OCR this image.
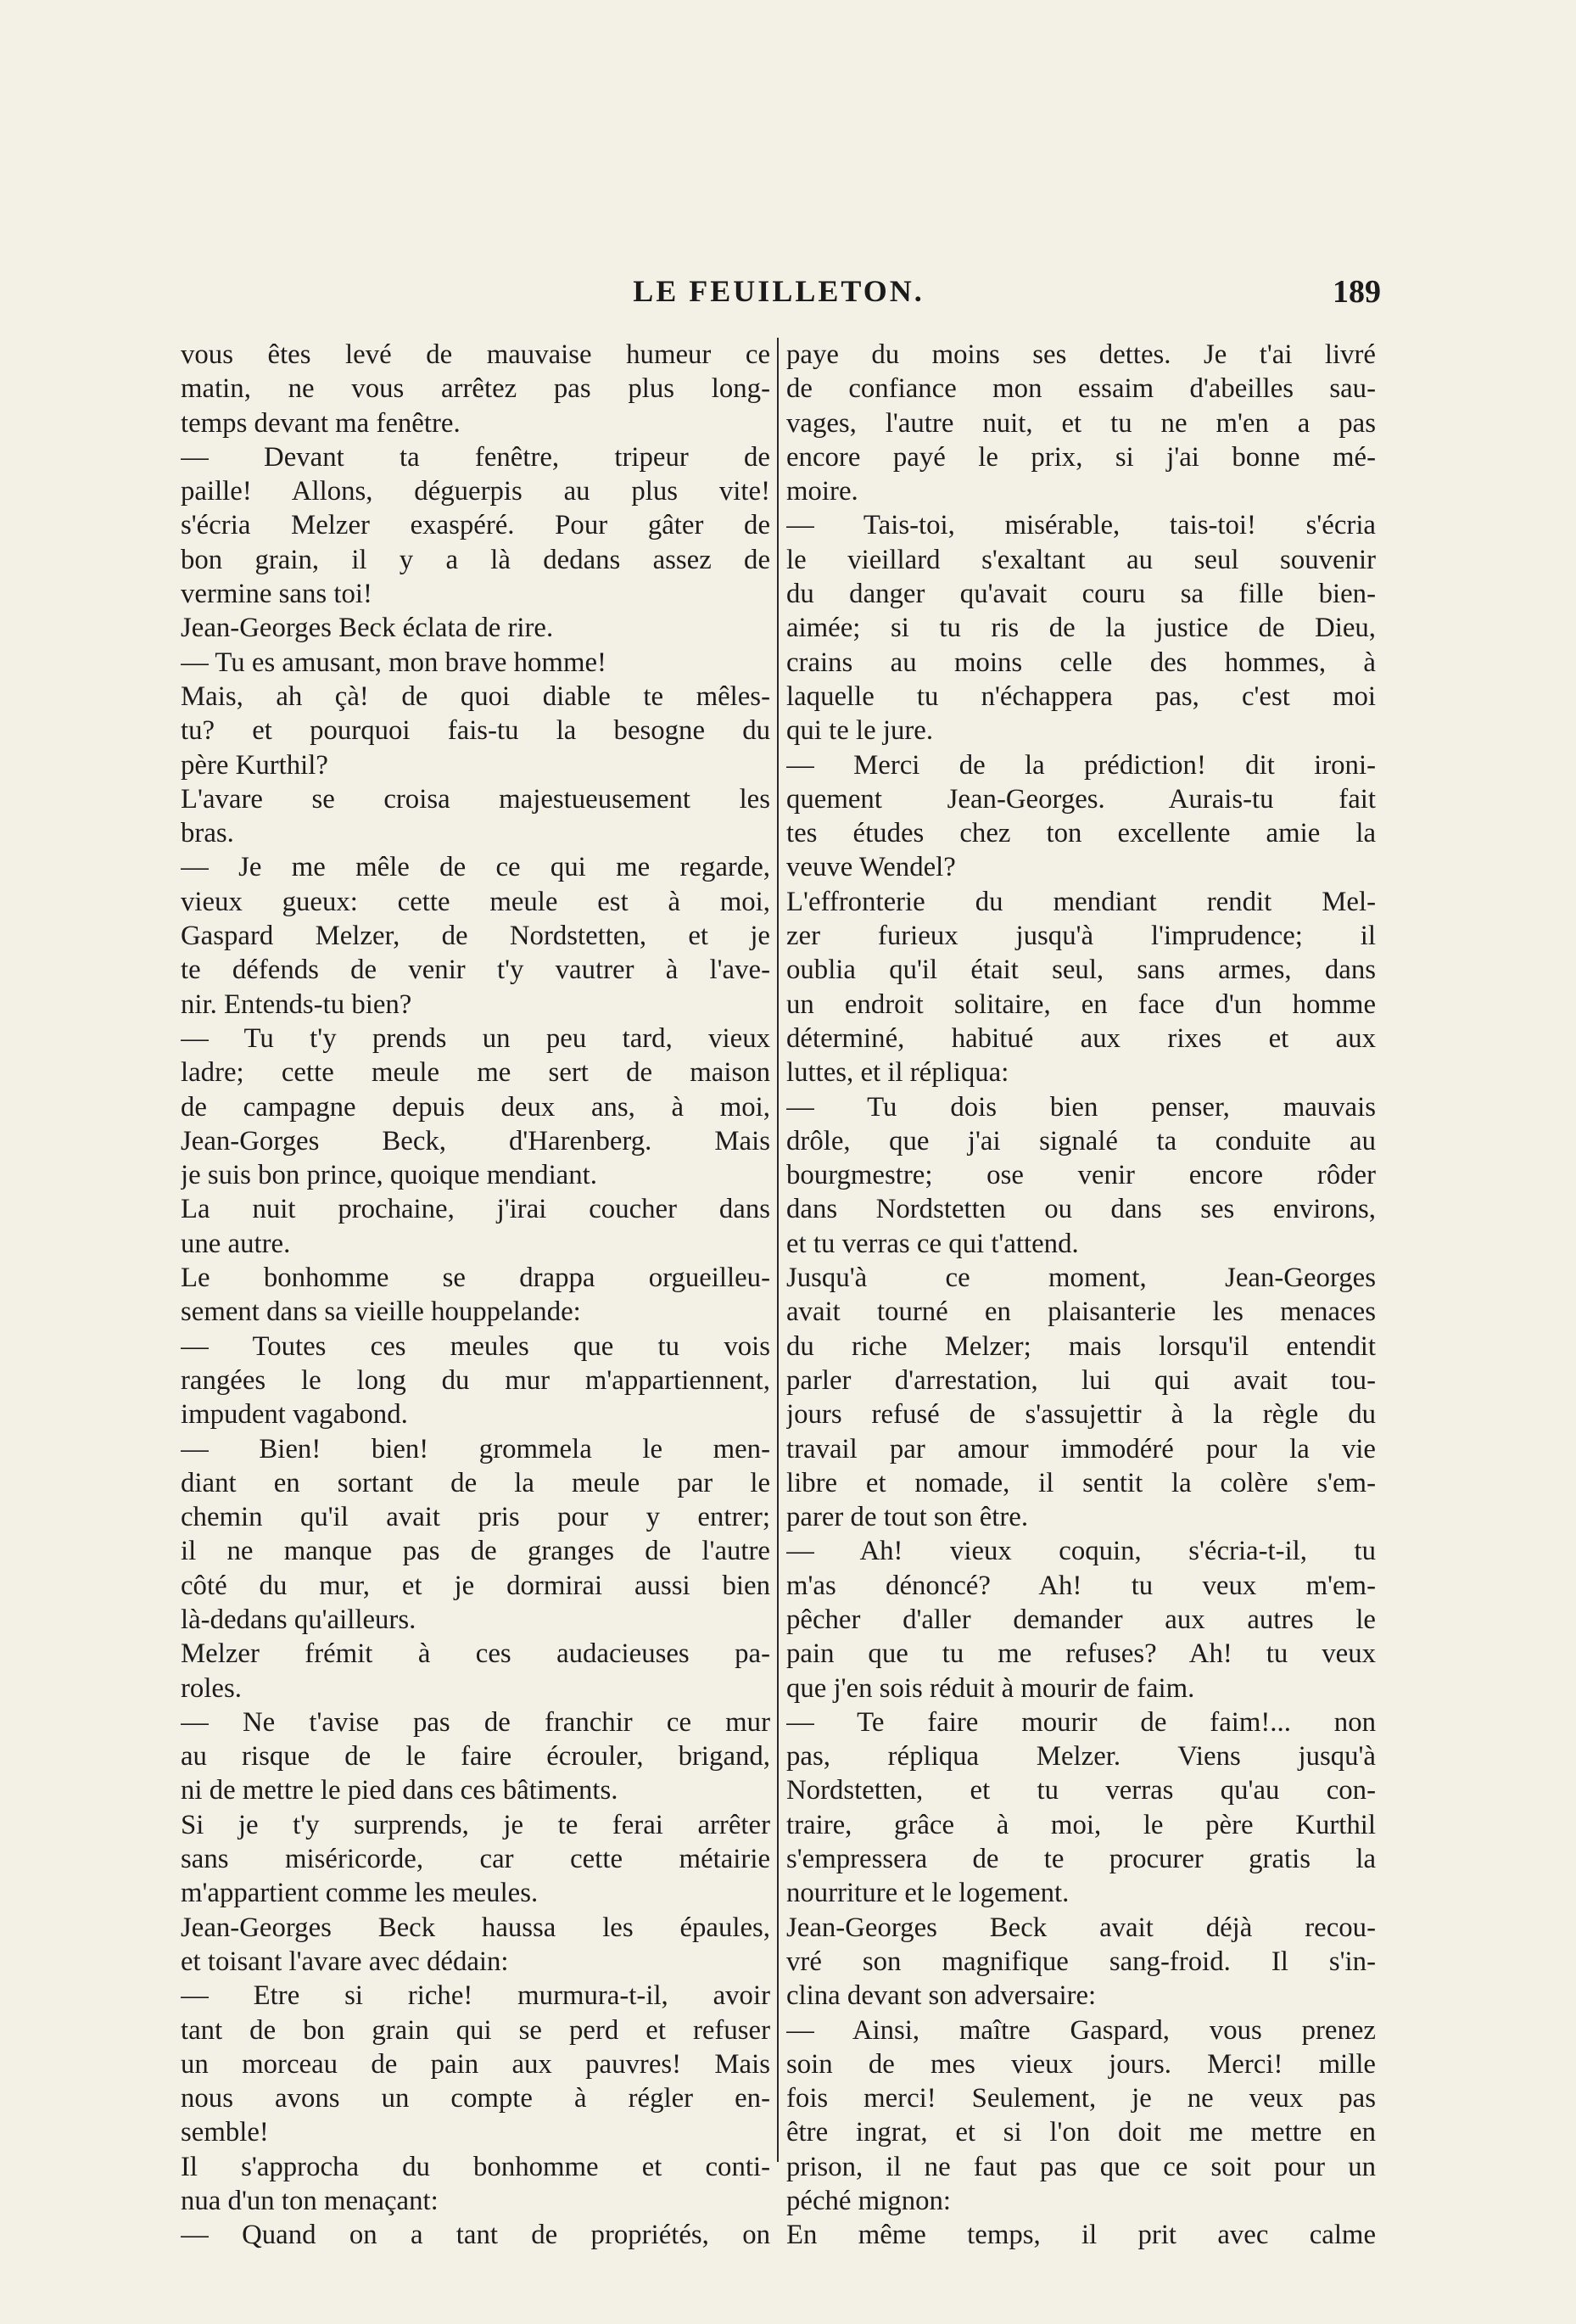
LE FEUILLETON.	189
vous êtes levé de mauvaise humeur ce
matin, ne vous arrêtez pas plus long-
temps devant ma fenêtre.
— Devant ta fenêtre, tripeur de
paille! Allons, déguerpis au plus vite!
s'écria Melzer exaspéré. Pour gâter de
bon grain, il y a là dedans assez de
vermine sans toi!
Jean-Georges Beck éclata de rire.
— Tu es amusant, mon brave homme!
Mais, ah çà! de quoi diable te mêles-
tu? et pourquoi fais-tu la besogne du
père Kurthil?
L'avare se croisa majestueusement les
bras.
— Je me mêle de ce qui me regarde,
vieux gueux: cette meule est à moi,
Gaspard Melzer, de Nordstetten, et je
te défends de venir t'y vautrer à l'ave-
nir. Entends-tu bien?
— Tu t'y prends un peu tard, vieux
ladre; cette meule me sert de maison
de campagne depuis deux ans, à moi,
Jean-Gorges Beck, d'Harenberg. Mais
je suis bon prince, quoique mendiant.
La nuit prochaine, j'irai coucher dans
une autre.
Le bonhomme se drappa orgueilleu-
sement dans sa vieille houppelande:
— Toutes ces meules que tu vois
rangées le long du mur m'appartiennent,
impudent vagabond.
— Bien! bien! grommela le men-
diant en sortant de la meule par le
chemin qu'il avait pris pour y entrer;
il ne manque pas de granges de l'autre
côté du mur, et je dormirai aussi bien
là-dedans qu'ailleurs.
Melzer frémit à ces audacieuses pa-
roles.
— Ne t'avise pas de franchir ce mur
au risque de le faire écrouler, brigand,
ni de mettre le pied dans ces bâtiments.
Si je t'y surprends, je te ferai arrêter
sans miséricorde, car cette métairie
m'appartient comme les meules.
Jean-Georges Beck haussa les épaules,
et toisant l'avare avec dédain:
— Etre si riche! murmura-t-il, avoir
tant de bon grain qui se perd et refuser
un morceau de pain aux pauvres! Mais
nous avons un compte à régler en-
semble!
Il s'approcha du bonhomme et conti-
nua d'un ton menaçant:
— Quand on a tant de propriétés, on
paye du moins ses dettes. Je t'ai livré
de confiance mon essaim d'abeilles sau-
vages, l'autre nuit, et tu ne m'en a pas
encore payé le prix, si j'ai bonne mé-
moire.
— Tais-toi, misérable, tais-toi! s'écria
le vieillard s'exaltant au seul souvenir
du danger qu'avait couru sa fille bien-
aimée; si tu ris de la justice de Dieu,
crains au moins celle des hommes, à
laquelle tu n'échappera pas, c'est moi
qui te le jure.
— Merci de la prédiction! dit ironi-
quement Jean-Georges. Aurais-tu fait
tes études chez ton excellente amie la
veuve Wendel?
L'effronterie du mendiant rendit Mel-
zer furieux jusqu'à l'imprudence; il
oublia qu'il était seul, sans armes, dans
un endroit solitaire, en face d'un homme
déterminé, habitué aux rixes et aux
luttes, et il répliqua:
— Tu dois bien penser, mauvais
drôle, que j'ai signalé ta conduite au
bourgmestre; ose venir encore rôder
dans Nordstetten ou dans ses environs,
et tu verras ce qui t'attend.
Jusqu'à ce moment, Jean-Georges
avait tourné en plaisanterie les menaces
du riche Melzer; mais lorsqu'il entendit
parler d'arrestation, lui qui avait tou-
jours refusé de s'assujettir à la règle du
travail par amour immodéré pour la vie
libre et nomade, il sentit la colère s'em-
parer de tout son être.
— Ah! vieux coquin, s'écria-t-il, tu
m'as dénoncé? Ah! tu veux m'em-
pêcher d'aller demander aux autres le
pain que tu me refuses? Ah! tu veux
que j'en sois réduit à mourir de faim.
— Te faire mourir de faim!... non
pas, répliqua Melzer. Viens jusqu'à
Nordstetten, et tu verras qu'au con-
traire, grâce à moi, le père Kurthil
s'empressera de te procurer gratis la
nourriture et le logement.
Jean-Georges Beck avait déjà recou-
vré son magnifique sang-froid. Il s'in-
clina devant son adversaire:
— Ainsi, maître Gaspard, vous prenez
soin de mes vieux jours. Merci! mille
fois merci! Seulement, je ne veux pas
être ingrat, et si l'on doit me mettre en
prison, il ne faut pas que ce soit pour un
péché mignon:
En même temps, il prit avec calme
